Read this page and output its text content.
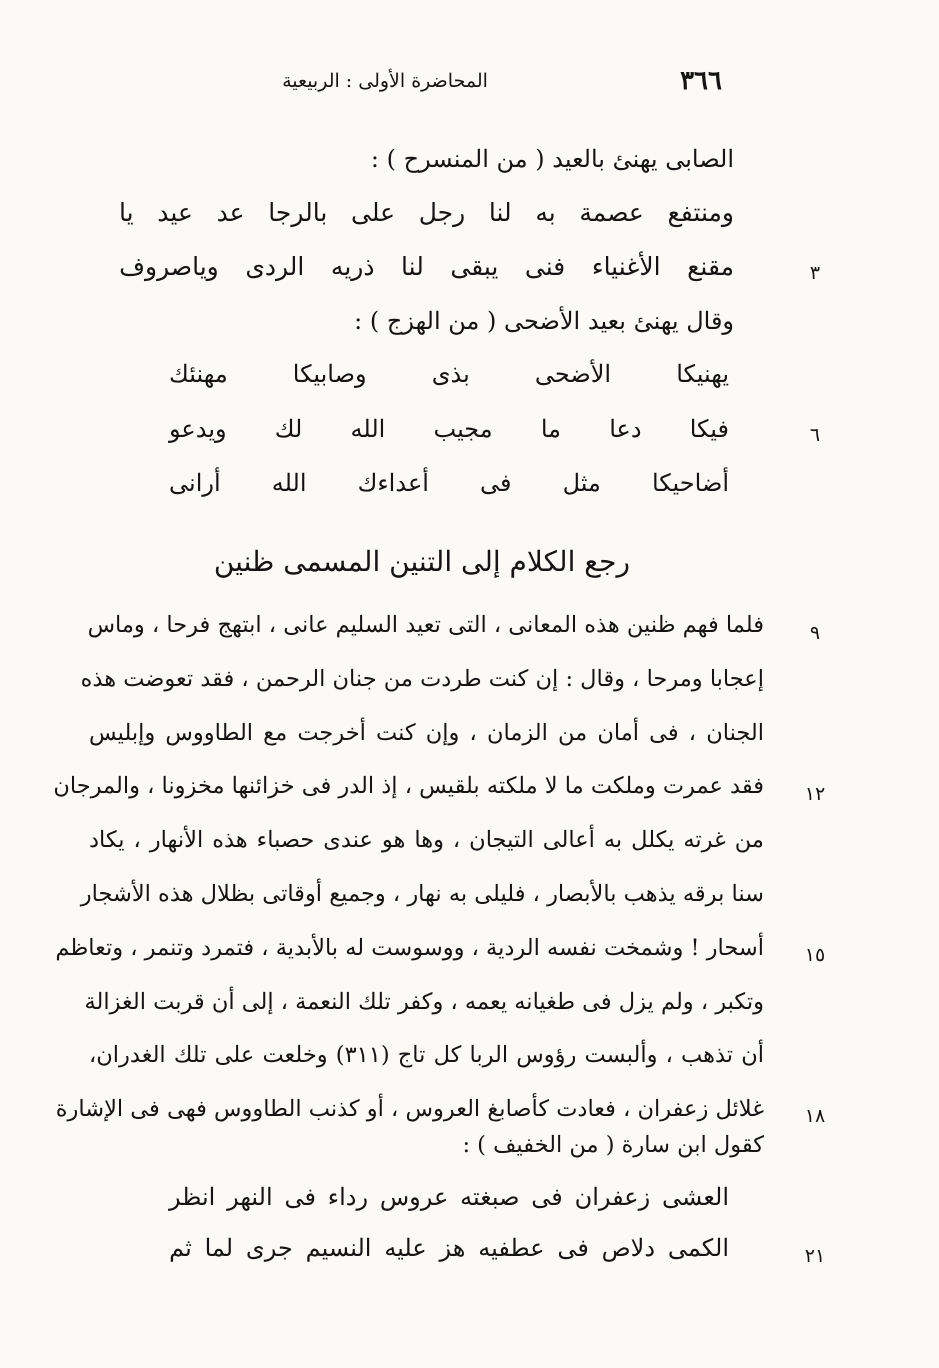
٣٦٦
المحاضرة الأولى : الربيعية
الصابى يهنئ بالعيد ( من المنسرح ) :
يا عيد عد بالرجا على رجل لنا به عصمة ومنتفع
٣
وياصروف الردى ذريه لنا يبقى فنى الأغنياء مقنع
وقال يهنئ بعيد الأضحى ( من الهزج ) :
مهنئك	وصابيكا	بذى	الأضحى	يهنيكا
٦
ويدعو لك الله مجيب ما دعا فيكا
أرانى الله أعداءك فى مثل أضاحيكا
رجع الكلام إلى التنين المسمى ظنين
٩
فلما فهم ظنين هذه المعانى ، التى تعيد السليم عانى ، ابتهج فرحا ، وماس
إعجابا ومرحا ، وقال : إن كنت طردت من جنان الرحمن ، فقد تعوضت هذه
الجنان ، فى أمان من الزمان ، وإن كنت أخرجت مع الطاووس وإبليس
١٢
فقد عمرت وملكت ما لا ملكته بلقيس ، إذ الدر فى خزائنها مخزونا ، والمرجان
من غرته يكلل به أعالى التيجان ، وها هو عندى حصباء هذه الأنهار ، يكاد
سنا برقه يذهب بالأبصار ، فليلى به نهار ، وجميع أوقاتى بظلال هذه الأشجار
١٥
أسحار ! وشمخت نفسه الردية ، ووسوست له بالأبدية ، فتمرد وتنمر ، وتعاظم
وتكبر ، ولم يزل فى طغيانه يعمه ، وكفر تلك النعمة ، إلى أن قربت الغزالة
أن تذهب ، وألبست رؤوس الربا كل تاج (٣١١) وخلعت على تلك الغدران،
١٨
غلائل زعفران ، فعادت كأصابغ العروس ، أو كذنب الطاووس فهى فى الإشارة
كقول ابن سارة ( من الخفيف ) :
انظر النهر فى رداء عروس صبغته فى زعفران العشى
٢١
ثم لما جرى النسيم عليه هز عطفيه فى دلاص الكمى
